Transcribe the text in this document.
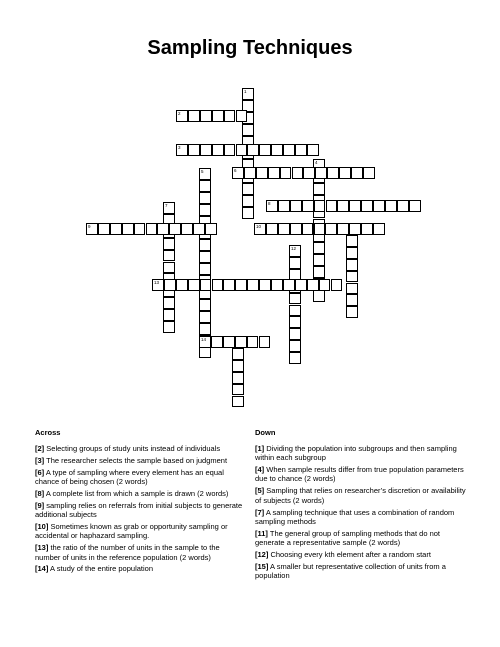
Sampling Techniques
1
4
5
7
12
2
3
6
8
9	10
13
14
Across	Down
[2] Selecting groups of study units instead of individuals
[3] The researcher selects the sample based on judgment
[6] A type of sampling where every element has an equal chance of being chosen (2 words)
[8] A complete list from which a sample is drawn (2 words)
[9] sampling relies on referrals from initial subjects to generate additional subjects
[10] Sometimes known as grab or opportunity sampling or accidental or haphazard sampling.
[13] the ratio of the number of units in the sample to the number of units in the reference population (2 words)
[14] A study of the entire population
[1] Dividing the population into subgroups and then sampling within each subgroup
[4] When sample results differ from true population parameters due to chance (2 words)
[5] Sampling that relies on researcher’s discretion or availability of subjects (2 words)
[7] A sampling technique that uses a combination of random sampling methods
[11] The general group of sampling methods that do not generate a representative sample (2 words)
[12] Choosing every kth element after a random start
[15] A smaller but representative collection of units from a population
